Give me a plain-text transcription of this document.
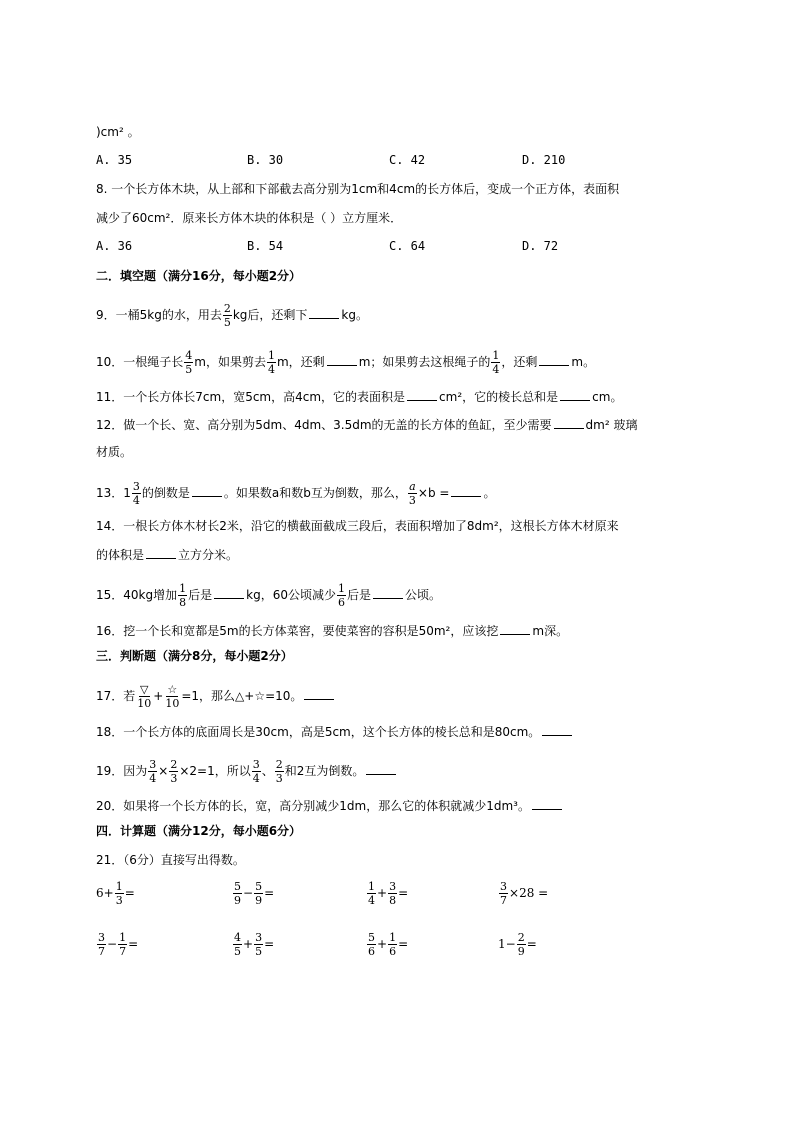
)cm² 。
A. 35	B. 30	C. 42	D. 210
8. 一个长方体木块，从上部和下部截去高分别为1cm和4cm的长方体后，变成一个正方体，表面积
减少了60cm²．原来长方体木块的体积是（ ）立方厘米．
A. 36	B. 54	C. 64	D. 72
二．填空题（满分16分，每小题2分）
9．一桶5kg的水，用去 $\frac{2}{5}$ kg后，还剩下	kg。
10．一根绳子长 $\frac{4}{5}$ m，如果剪去 $\frac{1}{4}$ m，还剩	m；如果剪去这根绳子的 $\frac{1}{4}$ ，还剩	m。
11．一个长方体长7cm，宽5cm，高4cm，它的表面积是	cm²，它的棱长总和是	cm。
12．做一个长、宽、高分别为5dm、4dm、3.5dm的无盖的长方体的鱼缸，至少需要	dm² 玻璃
材质。
13．$1 \frac{3}{4}$ 的倒数是	。如果数a和数b互为倒数，那么， $\frac{a}{3} \times b$ =	。
14．一根长方体木材长2米，沿它的横截面截成三段后，表面积增加了8dm²，这根长方体木材原来
的体积是	立方分米。
15．40kg增加 $\frac{1}{8}$ 后是	kg，60公顷减少 $\frac{1}{6}$ 后是	公顷。
16．挖一个长和宽都是5m的长方体菜窖，要使菜窖的容积是50m²，应该挖	m深。
三．判断题（满分8分，每小题2分）
17．若 $\frac{▽}{10} + \frac{☆}{10} =1$，那么△+☆=10。
18．一个长方体的底面周长是30cm，高是5cm，这个长方体的棱长总和是80cm。
19．因为 $\frac{3}{4} \times \frac{2}{3} \times 2=1$，所以 $\frac{3}{4}$ 、 $\frac{2}{3}$ 和2互为倒数。
20．如果将一个长方体的长，宽，高分别减少1dm，那么它的体积就减少1dm³。
四．计算题（满分12分，每小题6分）
21．（6分）直接写出得数。
$6+ \frac{1}{3}$ =	$\frac{5}{9} - \frac{5}{9}$ =	$\frac{1}{4} + \frac{3}{8}$ =	$\frac{3}{7} \times 28$ =
$\frac{3}{7} - \frac{1}{7}$ =	$\frac{4}{5} + \frac{3}{5}$ =	$\frac{5}{6} + \frac{1}{6}$ =	$1- \frac{2}{9}$ =
